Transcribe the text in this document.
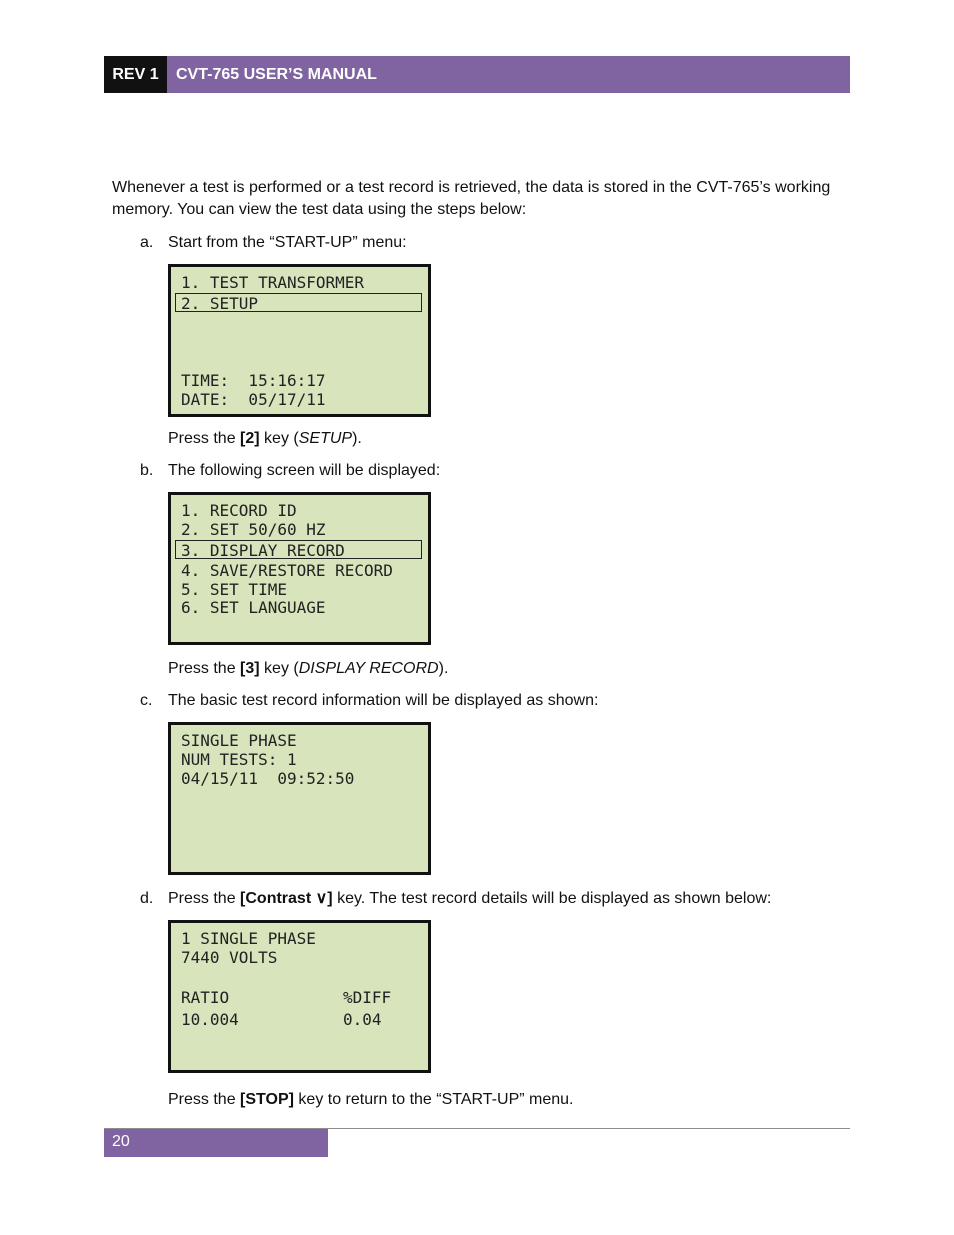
REV 1	CVT-765 USER’S MANUAL
Whenever a test is performed or a test record is retrieved, the data is stored in the CVT-765’s working memory. You can view the test data using the steps below:
a. Start from the “START-UP” menu:
1. TEST TRANSFORMER
2. SETUP
TIME:  15:16:17
DATE:  05/17/11
Press the [2] key (SETUP).
b. The following screen will be displayed:
1. RECORD ID
2. SET 50/60 HZ
3. DISPLAY RECORD
4. SAVE/RESTORE RECORD
5. SET TIME
6. SET LANGUAGE
Press the [3] key (DISPLAY RECORD).
c. The basic test record information will be displayed as shown:
SINGLE PHASE
NUM TESTS: 1
04/15/11  09:52:50
d. Press the [Contrast ∨] key. The test record details will be displayed as shown below:
1 SINGLE PHASE
7440 VOLTS
RATIO	%DIFF
10.004	0.04
Press the [STOP] key to return to the “START-UP” menu.
20
